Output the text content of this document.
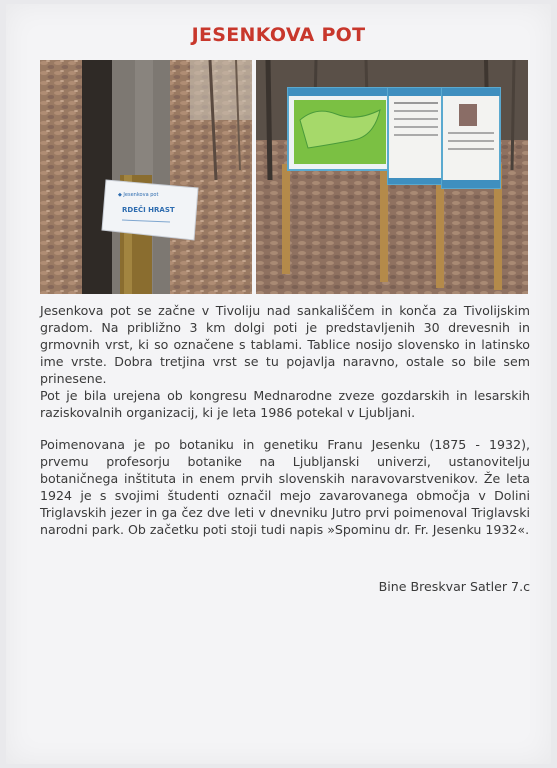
JESENKOVA POT
◆ Jesenkova pot
RDEČI HRAST
Jesenkova pot se začne v Tivoliju nad sankališčem in konča za Tivolijskim gradom. Na približno 3 km dolgi poti je predstavljenih 30 drevesnih in grmovnih vrst, ki so označene s tablami. Tablice nosijo slovensko in latinsko ime vrste. Dobra tretjina vrst se tu pojavlja naravno, ostale so bile sem prinesene.
Pot je bila urejena ob kongresu Mednarodne zveze gozdarskih in lesarskih raziskovalnih organizacij, ki je leta 1986 potekal v Ljubljani.
Poimenovana je po botaniku in genetiku Franu Jesenku (1875 - 1932), prvemu profesorju botanike na Ljubljanski univerzi, ustanovitelju botaničnega inštituta in enem prvih slovenskih naravovarstvenikov. Že leta 1924 je s svojimi študenti označil mejo zavarovanega območja v Dolini Triglavskih jezer in ga čez dve leti v dnevniku Jutro prvi poimenoval Triglavski narodni park. Ob začetku poti stoji tudi napis »Spominu dr. Fr. Jesenku 1932«.
Bine Breskvar Satler 7.c
